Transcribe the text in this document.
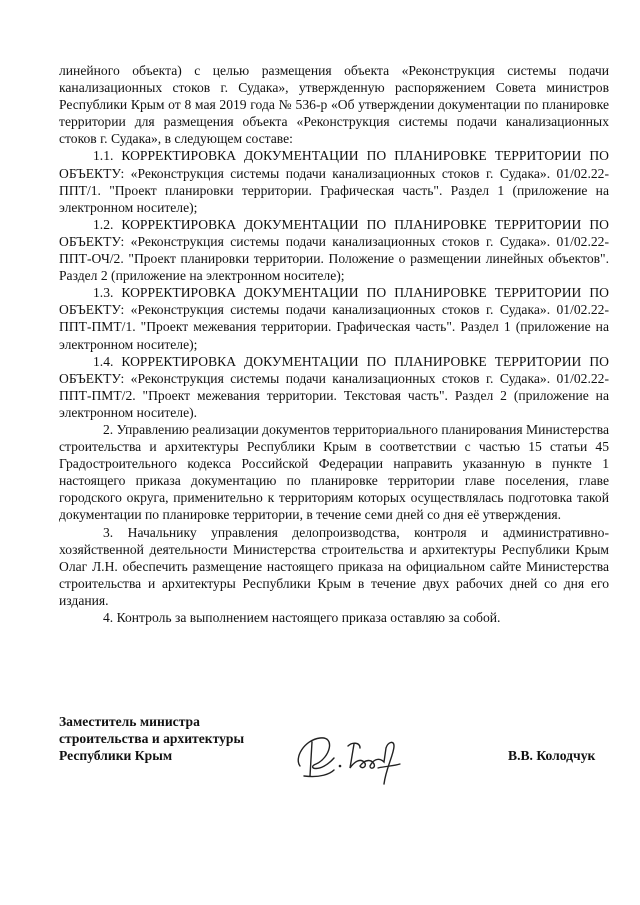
линейного объекта) с целью размещения объекта «Реконструкция системы подачи канализационных стоков г. Судака», утвержденную распоряжением Совета министров Республики Крым от 8 мая 2019 года № 536-р «Об утверждении документации по планировке территории для размещения объекта «Реконструкция системы подачи канализационных стоков г. Судака», в следующем составе:

1.1. КОРРЕКТИРОВКА ДОКУМЕНТАЦИИ ПО ПЛАНИРОВКЕ ТЕРРИТОРИИ ПО ОБЪЕКТУ: «Реконструкция системы подачи канализационных стоков г. Судака». 01/02.22-ППТ/1. "Проект планировки территории. Графическая часть". Раздел 1 (приложение на электронном носителе);

1.2. КОРРЕКТИРОВКА ДОКУМЕНТАЦИИ ПО ПЛАНИРОВКЕ ТЕРРИТОРИИ ПО ОБЪЕКТУ: «Реконструкция системы подачи канализационных стоков г. Судака». 01/02.22-ППТ-ОЧ/2. "Проект планировки территории. Положение о размещении линейных объектов". Раздел 2 (приложение на электронном носителе);

1.3. КОРРЕКТИРОВКА ДОКУМЕНТАЦИИ ПО ПЛАНИРОВКЕ ТЕРРИТОРИИ ПО ОБЪЕКТУ: «Реконструкция системы подачи канализационных стоков г. Судака». 01/02.22-ППТ-ПМТ/1. "Проект межевания территории. Графическая часть". Раздел 1 (приложение на электронном носителе);

1.4. КОРРЕКТИРОВКА ДОКУМЕНТАЦИИ ПО ПЛАНИРОВКЕ ТЕРРИТОРИИ ПО ОБЪЕКТУ: «Реконструкция системы подачи канализационных стоков г. Судака». 01/02.22-ППТ-ПМТ/2. "Проект межевания территории. Текстовая часть". Раздел 2 (приложение на электронном носителе).

2. Управлению реализации документов территориального планирования Министерства строительства и архитектуры Республики Крым в соответствии с частью 15 статьи 45 Градостроительного кодекса Российской Федерации направить указанную в пункте 1 настоящего приказа документацию по планировке территории главе поселения, главе городского округа, применительно к территориям которых осуществлялась подготовка такой документации по планировке территории, в течение семи дней со дня её утверждения.

3. Начальнику управления делопроизводства, контроля и административно-хозяйственной деятельности Министерства строительства и архитектуры Республики Крым Олаг Л.Н. обеспечить размещение настоящего приказа на официальном сайте Министерства строительства и архитектуры Республики Крым в течение двух рабочих дней со дня его издания.

4. Контроль за выполнением настоящего приказа оставляю за собой.

Заместитель министра
строительства и архитектуры
Республики Крым	В.В. Колодчук
